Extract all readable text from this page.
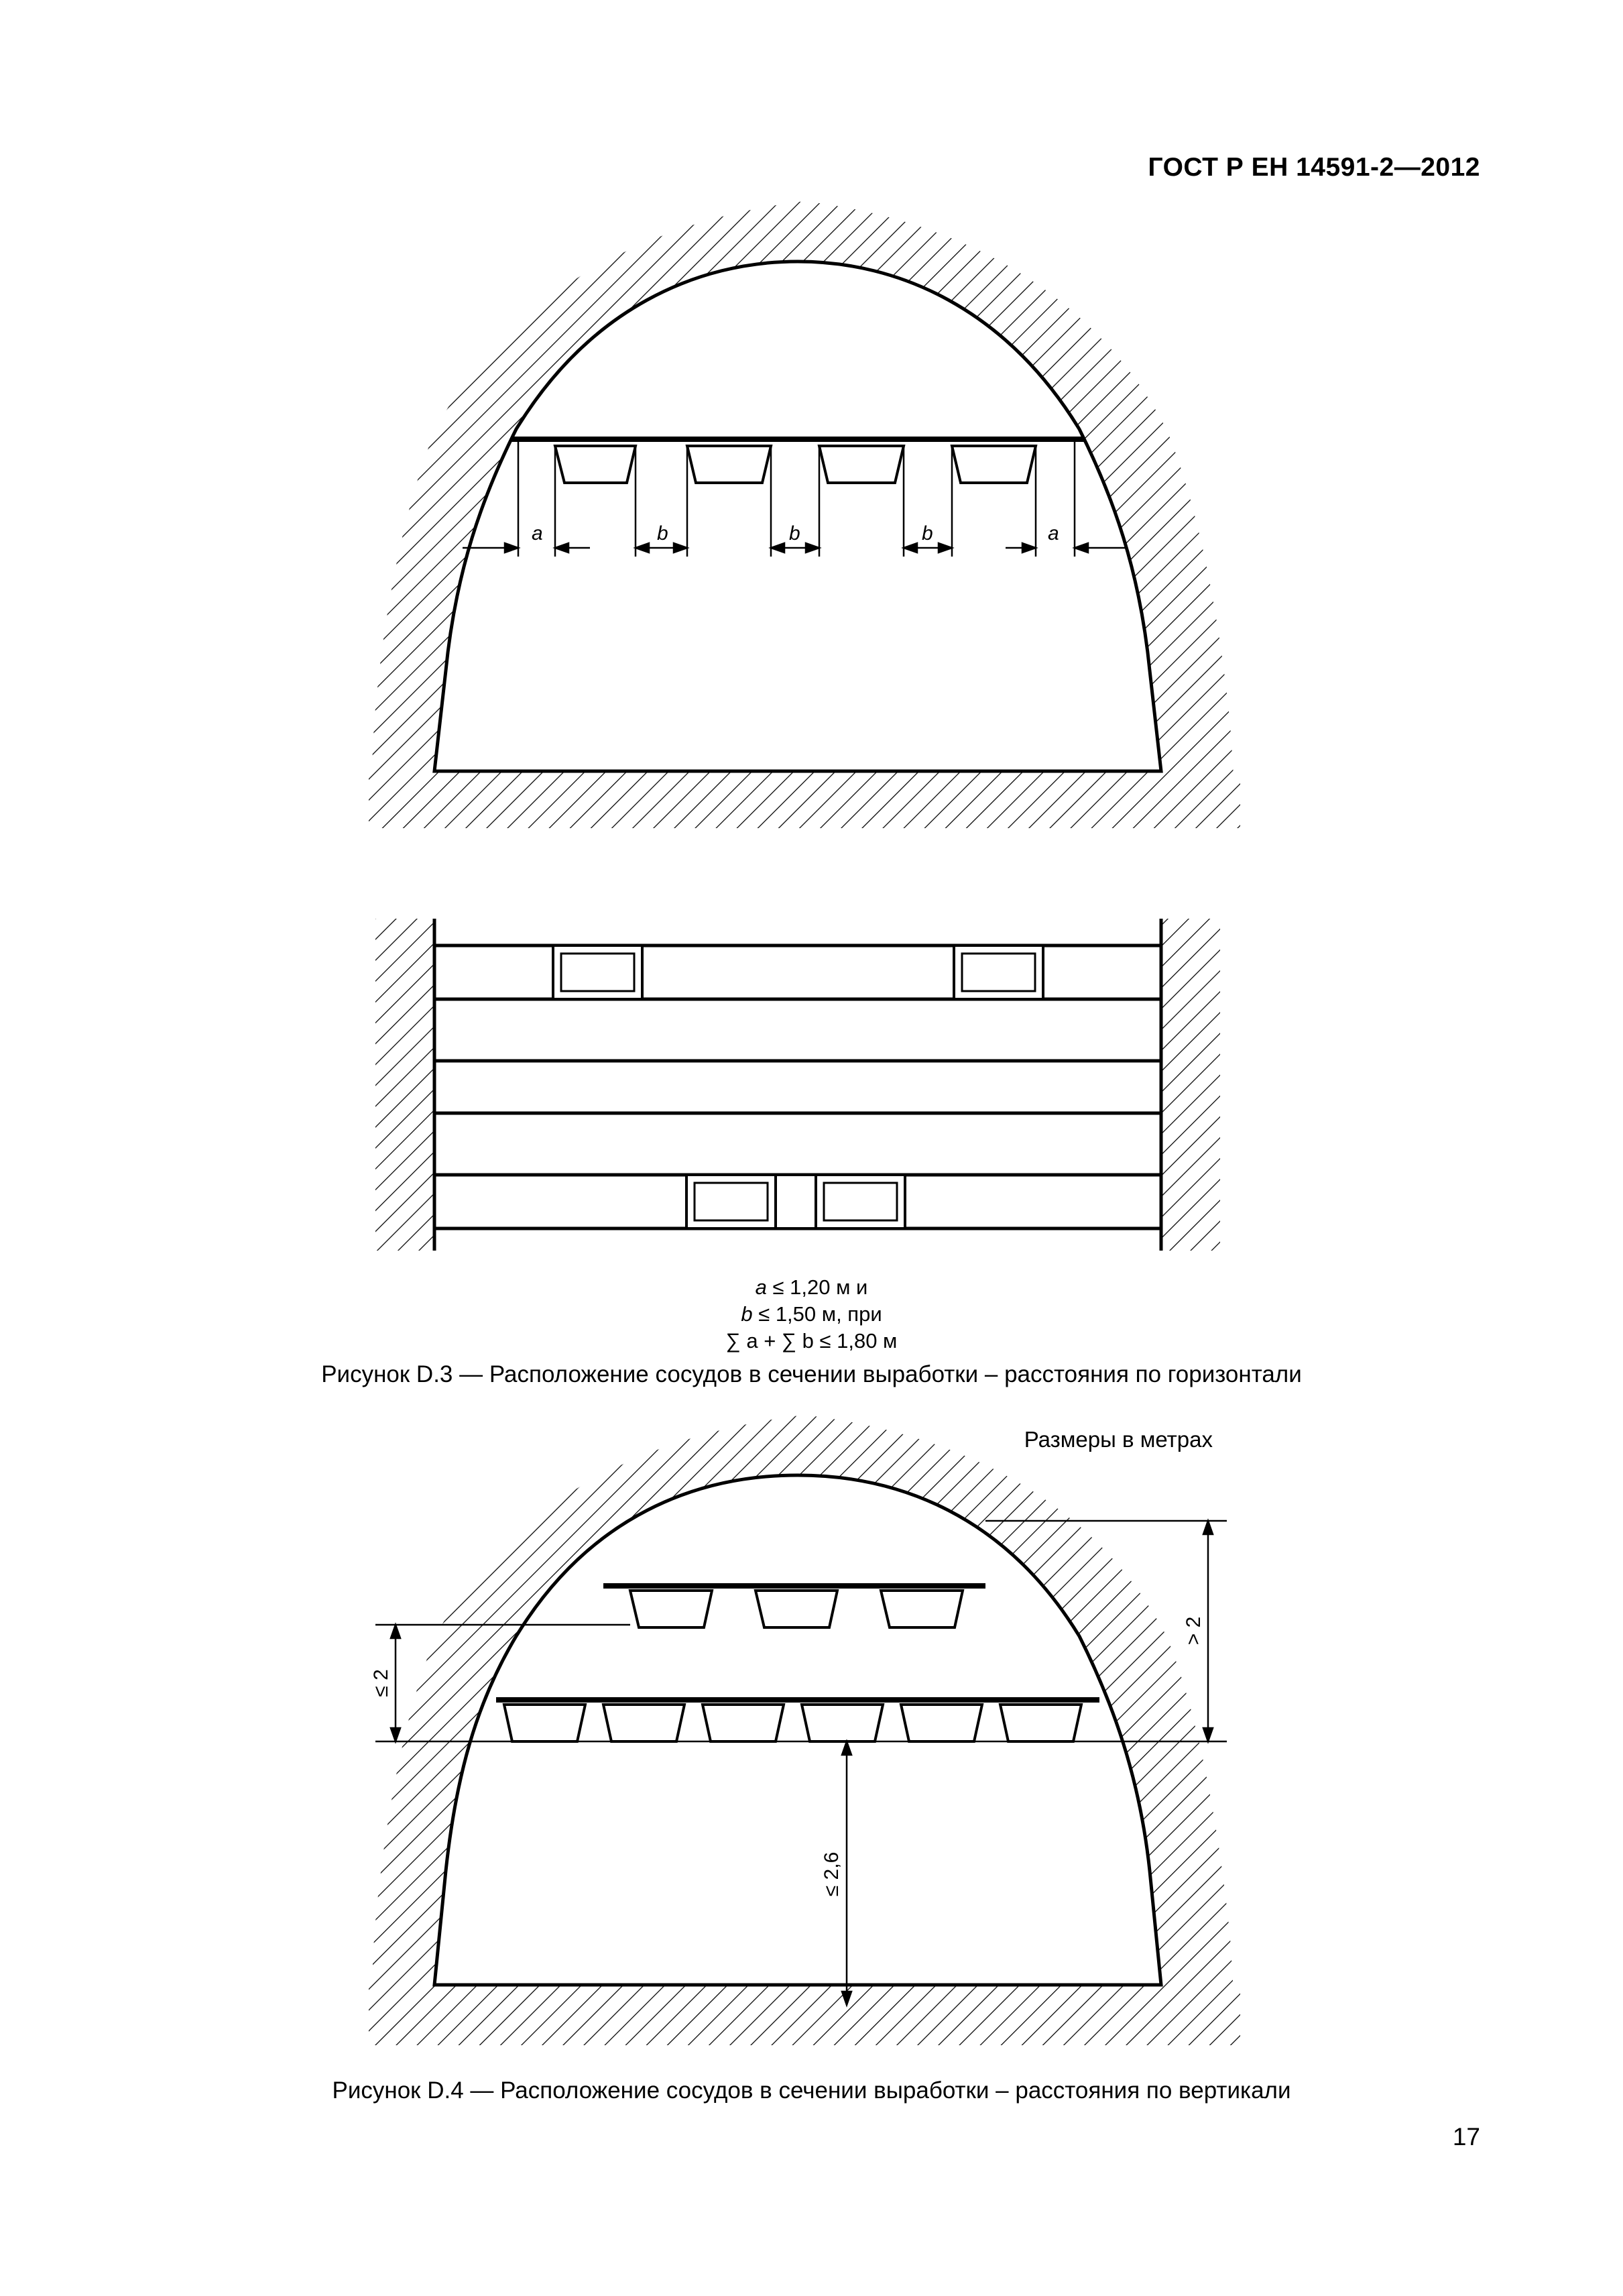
ГОСТ Р ЕН 14591-2—2012
a	b	b	b	a
≤ 2
> 2
≤ 2,6
a ≤ 1,20 м и
b ≤ 1,50 м, при
∑ a + ∑ b ≤ 1,80 м
Рисунок D.3 — Расположение сосудов в сечении выработки – расстояния по горизонтали
Размеры в метрах
Рисунок D.4 — Расположение сосудов в сечении выработки – расстояния по вертикали
17
